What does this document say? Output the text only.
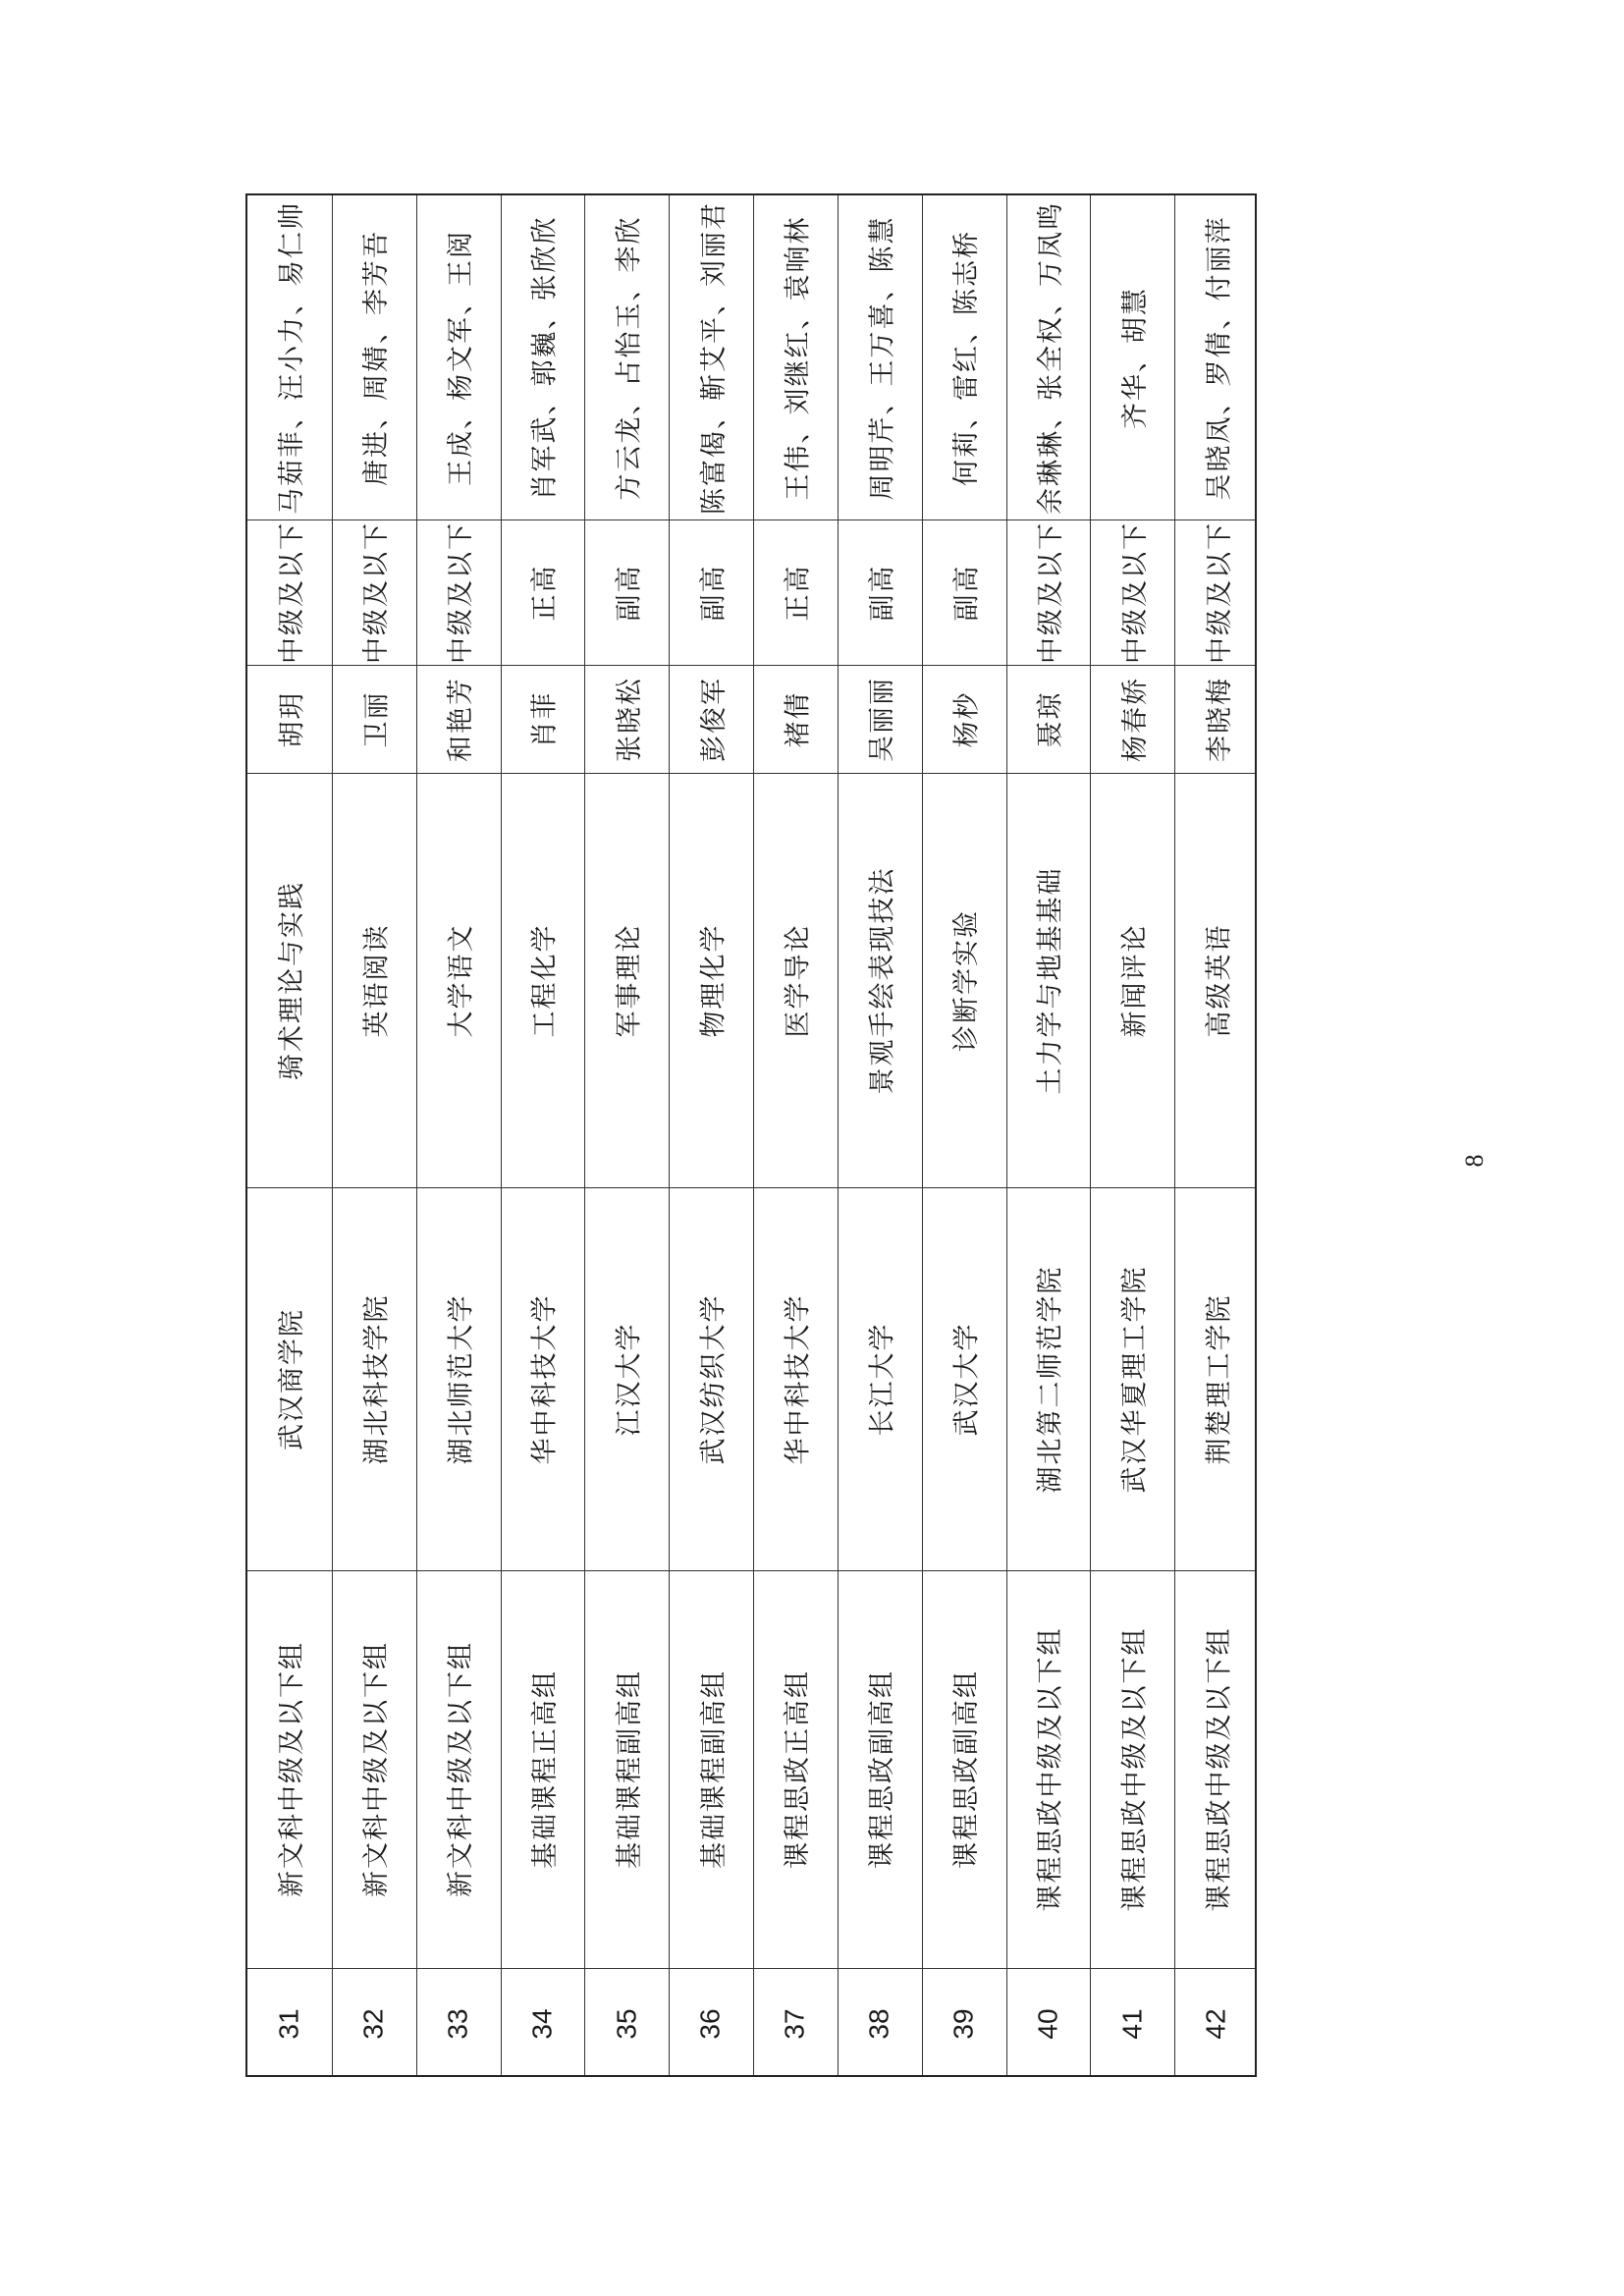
31
新文科中级及以下组
武汉商学院
骑术理论与实践
胡玥
中级及以下
马茹菲、汪小力、易仁帅
32
新文科中级及以下组
湖北科技学院
英语阅读
卫丽
中级及以下
唐进、周婧、李芳吾
33
新文科中级及以下组
湖北师范大学
大学语文
和艳芳
中级及以下
王成、杨文军、王阅
34
基础课程正高组
华中科技大学
工程化学
肖菲
正高
肖军武、郭巍、张欣欣
35
基础课程副高组
江汉大学
军事理论
张晓松
副高
方云龙、占怡玉、李欣
36
基础课程副高组
武汉纺织大学
物理化学
彭俊军
副高
陈富偈、靳艾平、刘丽君
37
课程思政正高组
华中科技大学
医学导论
褚倩
正高
王伟、刘继红、袁响林
38
课程思政副高组
长江大学
景观手绘表现技法
吴丽丽
副高
周明芹、王万喜、陈慧
39
课程思政副高组
武汉大学
诊断学实验
杨杪
副高
何莉、雷红、陈志桥
40
课程思政中级及以下组
湖北第二师范学院
土力学与地基基础
聂琼
中级及以下
余琳琳、张全权、万凤鸣
41
课程思政中级及以下组
武汉华夏理工学院
新闻评论
杨春娇
中级及以下
齐华、胡慧
42
课程思政中级及以下组
荆楚理工学院
高级英语
李晓梅
中级及以下
吴晓凤、罗倩、付丽萍
8
